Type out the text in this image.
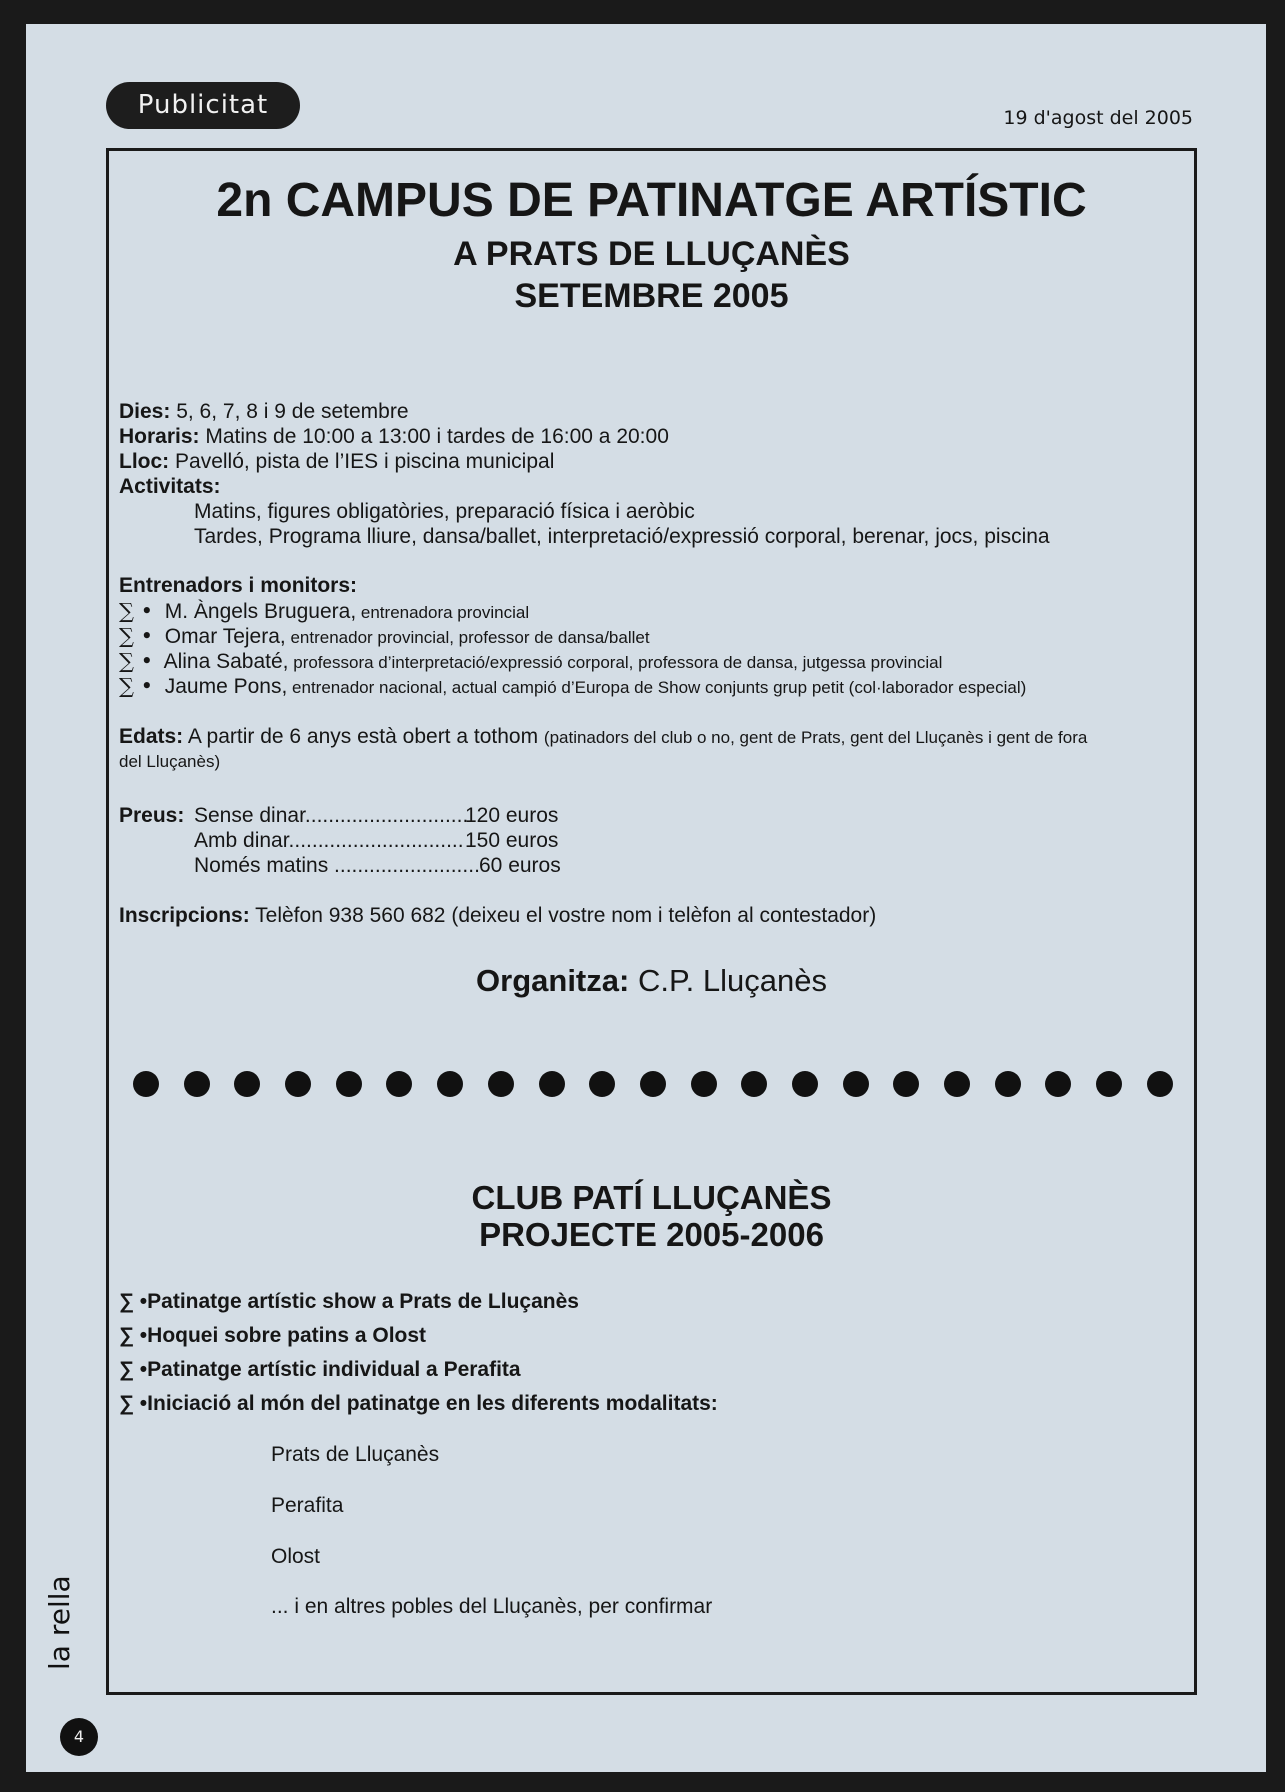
Publicitat	19 d'agost del 2005
2n CAMPUS DE PATINATGE ARTÍSTIC
A PRATS DE LLUÇANÈS
SETEMBRE 2005
Dies: 5, 6, 7, 8 i 9 de setembre
Horaris: Matins de 10:00 a 13:00 i tardes de 16:00 a 20:00
Lloc: Pavelló, pista de l’IES i piscina municipal
Activitats:
Matins, figures obligatòries, preparació física i aeròbic
Tardes, Programa lliure, dansa/ballet, interpretació/expressió corporal, berenar, jocs, piscina
Entrenadors i monitors:
∑ • M. Àngels Bruguera, entrenadora provincial
∑ • Omar Tejera, entrenador provincial, professor de dansa/ballet
∑ • Alina Sabaté, professora d’interpretació/expressió corporal, professora de dansa, jutgessa provincial
∑ • Jaume Pons, entrenador nacional, actual campió d’Europa de Show conjunts grup petit (col·laborador especial)
Edats: A partir de 6 anys està obert a tothom (patinadors del club o no, gent de Prats, gent del Lluçanès i gent de fora
del Lluçanès)
Preus: Sense dinar............................
120 euros
Amb dinar.............................. 150 euros
Només matins ......................... 60 euros
Inscripcions: Telèfon 938 560 682 (deixeu el vostre nom i telèfon al contestador)
Organitza: C.P. Lluçanès
CLUB PATÍ LLUÇANÈS
PROJECTE 2005-2006
∑ •Patinatge artístic show a Prats de Lluçanès
∑ •Hoquei sobre patins a Olost
∑ •Patinatge artístic individual a Perafita
∑ •Iniciació al món del patinatge en les diferents modalitats:
Prats de Lluçanès
Perafita
Olost
... i en altres pobles del Lluçanès, per confirmar
la rella
4
